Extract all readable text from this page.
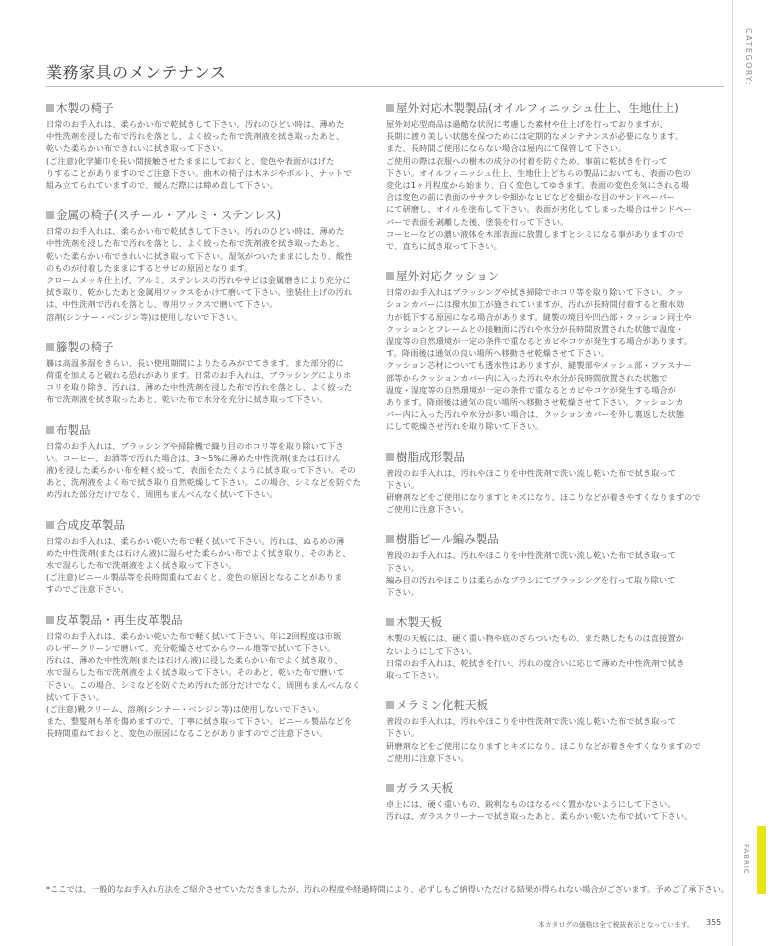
CATEGORY:
FABRIC
業務家具のメンテナンス
木製の椅子

日常のお手入れは、柔らかい布で乾拭きして下さい。汚れのひどい時は、薄めた

中性洗剤を浸した布で汚れを落とし、よく絞った布で洗剤液を拭き取ったあと、

乾いた柔らかい布できれいに拭き取って下さい。

(ご注意)化学雑巾を長い間接触させたままにしておくと、変色や表面がはげた

りすることがありますのでご注意下さい。曲木の椅子は木ネジやボルト、ナットで

組み立てられていますので、緩んだ際には締め直して下さい。

金属の椅子(スチール・アルミ・ステンレス)

日常のお手入れは、柔らかい布で乾拭きして下さい。汚れのひどい時は、薄めた

中性洗剤を浸した布で汚れを落とし、よく絞った布で洗剤液を拭き取ったあと、

乾いた柔らかい布できれいに拭き取って下さい。湿気がついたままにしたり、酸性

のものが付着したままにするとサビの原因となります。

クロームメッキ仕上げ、アルミ、ステンレスの汚れやサビは金属磨きにより充分に

拭き取り、乾かしたあと金属用ワックスをかけて磨いて下さい。塗装仕上げの汚れ

は、中性洗剤で汚れを落とし、専用ワックスで磨いて下さい。

溶剤(シンナー・ベンジン等)は使用しないで下さい。

籐製の椅子

籐は高温多湿をきらい、長い使用期間によりたるみがでてきます。また部分的に

荷重を加えると破れる恐れがあります。日常のお手入れは、ブラッシングによりホ

コリを取り除き、汚れは、薄めた中性洗剤を浸した布で汚れを落とし、よく絞った

布で洗剤液を拭き取ったあと、乾いた布で水分を充分に拭き取って下さい。

布製品

日常のお手入れは、ブラッシングや掃除機で織り目のホコリ等を取り除いて下さ

い。コーヒー、お酒等で汚れた場合は、3～5%に薄めた中性洗剤(または石けん

液)を浸した柔らかい布を軽く絞って、表面をたたくように拭き取って下さい。その

あと、洗剤液をよく布で拭き取り自然乾燥して下さい。この場合、シミなどを防ぐた

め汚れた部分だけでなく、周囲もまんべんなく拭いて下さい。

合成皮革製品

日常のお手入れは、柔らかい乾いた布で軽く拭いて下さい。汚れは、ぬるめの薄

めた中性洗剤(または石けん液)に湿らせた柔らかい布でよく拭き取り、そのあと、

水で湿らした布で洗剤液をよく拭き取って下さい。

(ご注意)ビニール製品等を長時間重ねておくと、変色の原因となることがありま

すのでご注意下さい。

皮革製品・再生皮革製品

日常のお手入れは、柔らかい乾いた布で軽く拭いて下さい。年に2回程度は市販

のレザークリーンで磨いて、充分乾燥させてからウール地等で拭いて下さい。

汚れは、薄めた中性洗剤(または石けん液)に浸した柔らかい布でよく拭き取り、

水で湿らした布で洗剤液をよく拭き取って下さい。そのあと、乾いた布で磨いて

下さい。この場合、シミなどを防ぐため汚れた部分だけでなく、周囲もまんべんなく

拭いて下さい。

(ご注意)靴クリーム、溶剤(シンナー・ベンジン等)は使用しないで下さい。

また、整髪剤も革を傷めますので、丁寧に拭き取って下さい。ビニール製品などを

長時間重ねておくと、変色の原因になることがありますのでご注意下さい。

屋外対応木製製品(オイルフィニッシュ仕上、生地仕上)

屋外対応型商品は過酷な状況に考慮した素材や仕上げを行っておりますが、

長期に渡り美しい状態を保つためには定期的なメンテナンスが必要になります。

また、長時間ご使用にならない場合は屋内にて保管して下さい。

ご使用の際は衣服への樹木の成分の付着を防ぐため、事前に乾拭きを行って

下さい。オイルフィニッシュ仕上、生地仕上どちらの製品においても、表面の色の

変化は1ヶ月程度から始まり、白く変色してゆきます。表面の変色を気にされる場

合は変色の前に表面のササクレや細かなヒビなどを細かな目のサンドペーパー

にて研磨し、オイルを塗布して下さい。表面が劣化してしまった場合はサンドペー

パーで表面を剥離した後、塗装を行って下さい。

コーヒーなどの濃い液体を木部表面に放置しますとシミになる事がありますので

で、直ちに拭き取って下さい。

屋外対応クッション

日常のお手入れはブラッシングや拭き掃除でホコリ等を取り除いて下さい。クッ

ションカバーには撥水加工が施されていますが、汚れが長時間付着すると撥水効

力が低下する原因になる場合があります。縫製の境目や凹凸部・クッション同士や

クッションとフレームとの接触面に汚れや水分が長時間放置された状態で温度・

湿度等の自然環境が一定の条件で重なるとカビやコケが発生する場合があります。

す。降雨後は通気の良い場所へ移動させ乾燥させて下さい。

クッション芯材についても透水性はありますが、縫製部やメッシュ部・ファスナー

部等からクッションカバー内に入った汚れや水分が長時間放置された状態で

温度・湿度等の自然環境が一定の条件で重なるとカビやコケが発生する場合が

あります。降雨後は通気の良い場所へ移動させ乾燥させて下さい。クッションカ

バー内に入った汚れや水分が多い場合は、クッションカバーを外し裏返した状態

にして乾燥させ汚れを取り除いて下さい。

樹脂成形製品

普段のお手入れは、汚れやほこりを中性洗剤で洗い流し乾いた布で拭き取って

下さい。

研磨剤などをご使用になりますとキズになり、ほこりなどが着きやすくなりますので

ご使用に注意下さい。

樹脂ビール編み製品

普段のお手入れは、汚れやほこりを中性洗剤で洗い流し乾いた布で拭き取って

下さい。

編み目の汚れやほこりは柔らかなブラシにてブラッシングを行って取り除いて

下さい。

木製天板

木製の天板には、硬く重い物や底のざらついたもの、また熱したものは直接置か

ないようにして下さい。

日常のお手入れは、乾拭きを行い、汚れの度合いに応じて薄めた中性洗剤で拭き

取って下さい。

メラミン化粧天板

普段のお手入れは、汚れやほこりを中性洗剤で洗い流し乾いた布で拭き取って

下さい。

研磨剤などをご使用になりますとキズになり、ほこりなどが着きやすくなりますので

ご使用に注意下さい。

ガラス天板

卓上には、硬く重いもの、鋭利なものはなるべく置かないようにして下さい。

汚れは、ガラスクリーナーで拭き取ったあと、柔らかい乾いた布で拭いて下さい。

*ここでは、一般的なお手入れ方法をご紹介させていただきましたが、汚れの程度や経過時間により、必ずしもご納得いただける結果が得られない場合がございます。予めご了承下さい。
本カタログの価格は全て税抜表示となっています。 355
